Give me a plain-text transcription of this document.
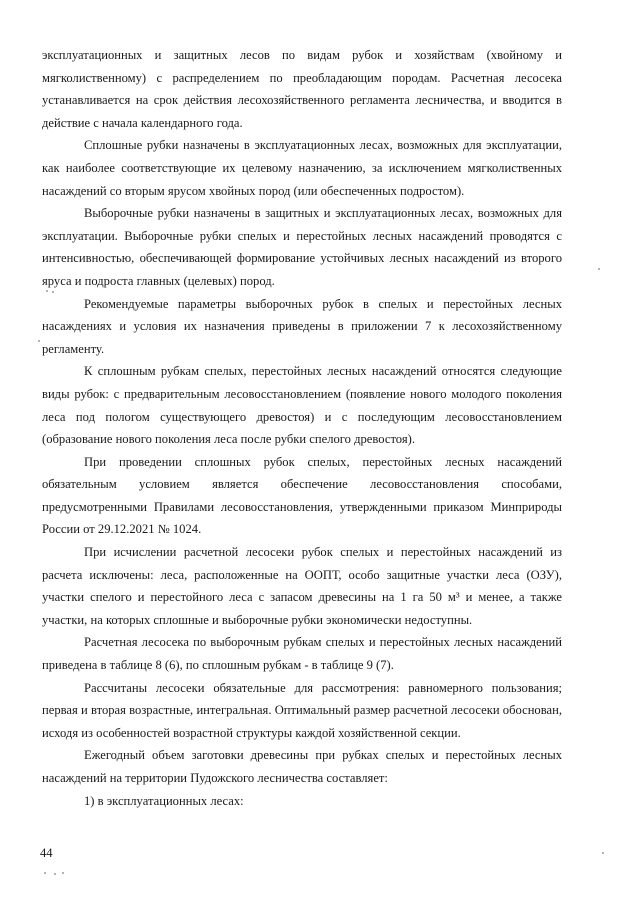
эксплуатационных и защитных лесов по видам рубок и хозяйствам (хвойному и мягколиственному) с распределением по преобладающим породам. Расчетная лесосека устанавливается на срок действия лесохозяйственного регламента лесничества, и вводится в действие с начала календарного года.

Сплошные рубки назначены в эксплуатационных лесах, возможных для эксплуатации, как наиболее соответствующие их целевому назначению, за исключением мягколиственных насаждений со вторым ярусом хвойных пород (или обеспеченных подростом).

Выборочные рубки назначены в защитных и эксплуатационных лесах, возможных для эксплуатации. Выборочные рубки спелых и перестойных лесных насаждений проводятся с интенсивностью, обеспечивающей формирование устойчивых лесных насаждений из второго яруса и подроста главных (целевых) пород.

Рекомендуемые параметры выборочных рубок в спелых и перестойных лесных насаждениях и условия их назначения приведены в приложении 7 к лесохозяйственному регламенту.

К сплошным рубкам спелых, перестойных лесных насаждений относятся следующие виды рубок: с предварительным лесовосстановлением (появление нового молодого поколения леса под пологом существующего древостоя) и с последующим лесовосстановлением (образование нового поколения леса после рубки спелого древостоя).

При проведении сплошных рубок спелых, перестойных лесных насаждений обязательным условием является обеспечение лесовосстановления способами, предусмотренными Правилами лесовосстановления, утвержденными приказом Минприроды России от 29.12.2021 № 1024.

При исчислении расчетной лесосеки рубок спелых и перестойных насаждений из расчета исключены: леса, расположенные на ООПТ, особо защитные участки леса (ОЗУ), участки спелого и перестойного леса с запасом древесины на 1 га 50 м³ и менее, а также участки, на которых сплошные и выборочные рубки экономически недоступны.

Расчетная лесосека по выборочным рубкам спелых и перестойных лесных насаждений приведена в таблице 8 (6), по сплошным рубкам - в таблице 9 (7).

Рассчитаны лесосеки обязательные для рассмотрения: равномерного пользования; первая и вторая возрастные, интегральная. Оптимальный размер расчетной лесосеки обоснован, исходя из особенностей возрастной структуры каждой хозяйственной секции.

Ежегодный объем заготовки древесины при рубках спелых и перестойных лесных насаждений на территории Пудожского лесничества составляет:

1) в эксплуатационных лесах:

44
